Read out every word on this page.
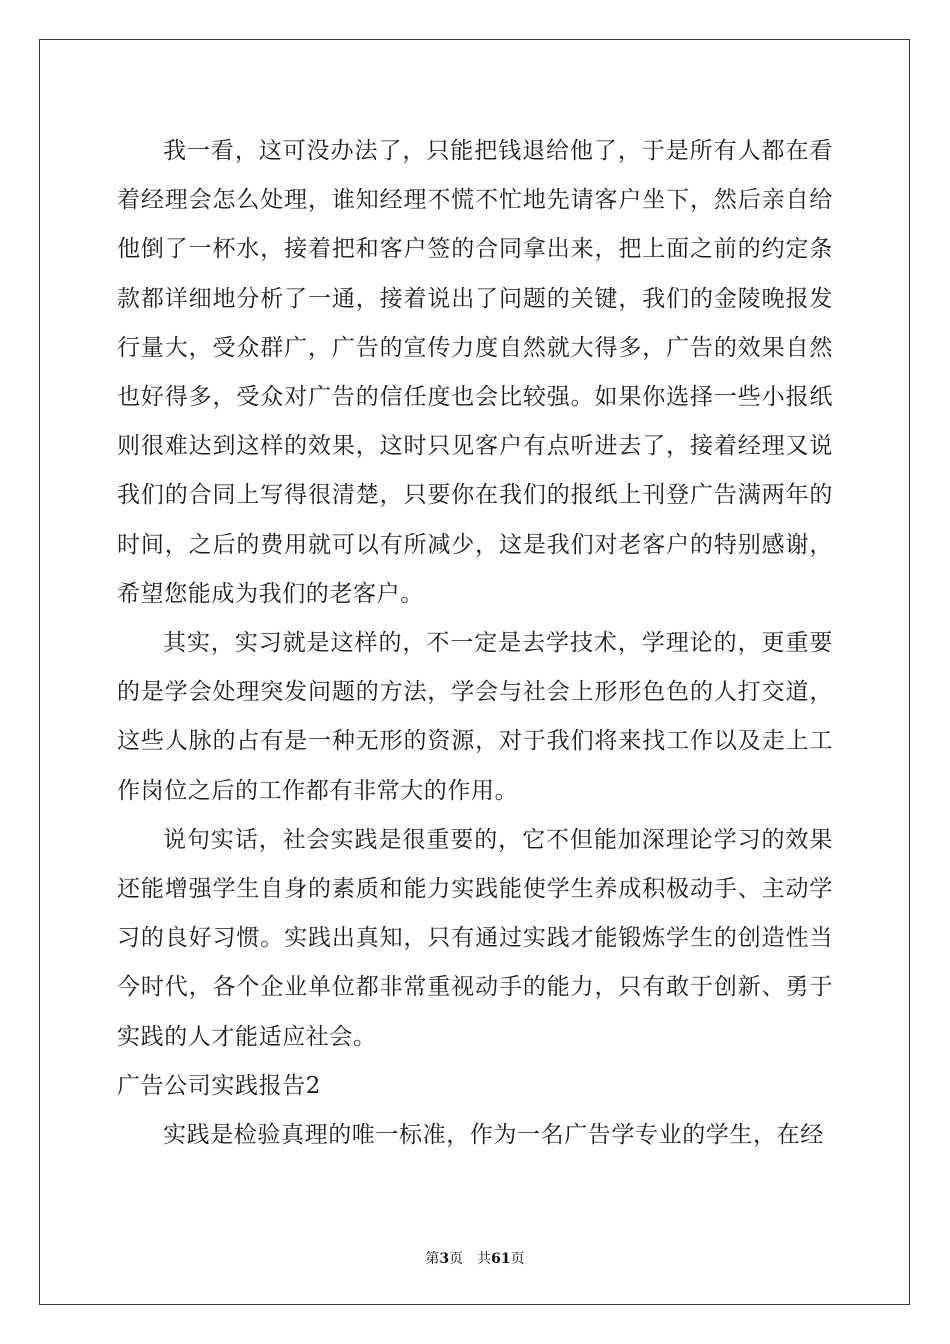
我一看，这可没办法了，只能把钱退给他了，于是所有人都在看着经理会怎么处理，谁知经理不慌不忙地先请客户坐下，然后亲自给他倒了一杯水，接着把和客户签的合同拿出来，把上面之前的约定条款都详细地分析了一通，接着说出了问题的关键，我们的金陵晚报发行量大，受众群广，广告的宣传力度自然就大得多，广告的效果自然也好得多，受众对广告的信任度也会比较强。如果你选择一些小报纸则很难达到这样的效果，这时只见客户有点听进去了，接着经理又说我们的合同上写得很清楚，只要你在我们的报纸上刊登广告满两年的时间，之后的费用就可以有所减少，这是我们对老客户的特别感谢，希望您能成为我们的老客户。

其实，实习就是这样的，不一定是去学技术，学理论的，更重要的是学会处理突发问题的方法，学会与社会上形形色色的人打交道，这些人脉的占有是一种无形的资源，对于我们将来找工作以及走上工作岗位之后的工作都有非常大的作用。

说句实话，社会实践是很重要的，它不但能加深理论学习的效果还能增强学生自身的素质和能力实践能使学生养成积极动手、主动学习的良好习惯。实践出真知，只有通过实践才能锻炼学生的创造性当今时代，各个企业单位都非常重视动手的能力，只有敢于创新、勇于实践的人才能适应社会。

广告公司实践报告2

实践是检验真理的唯一标准，作为一名广告学专业的学生，在经

第3页 共61页
